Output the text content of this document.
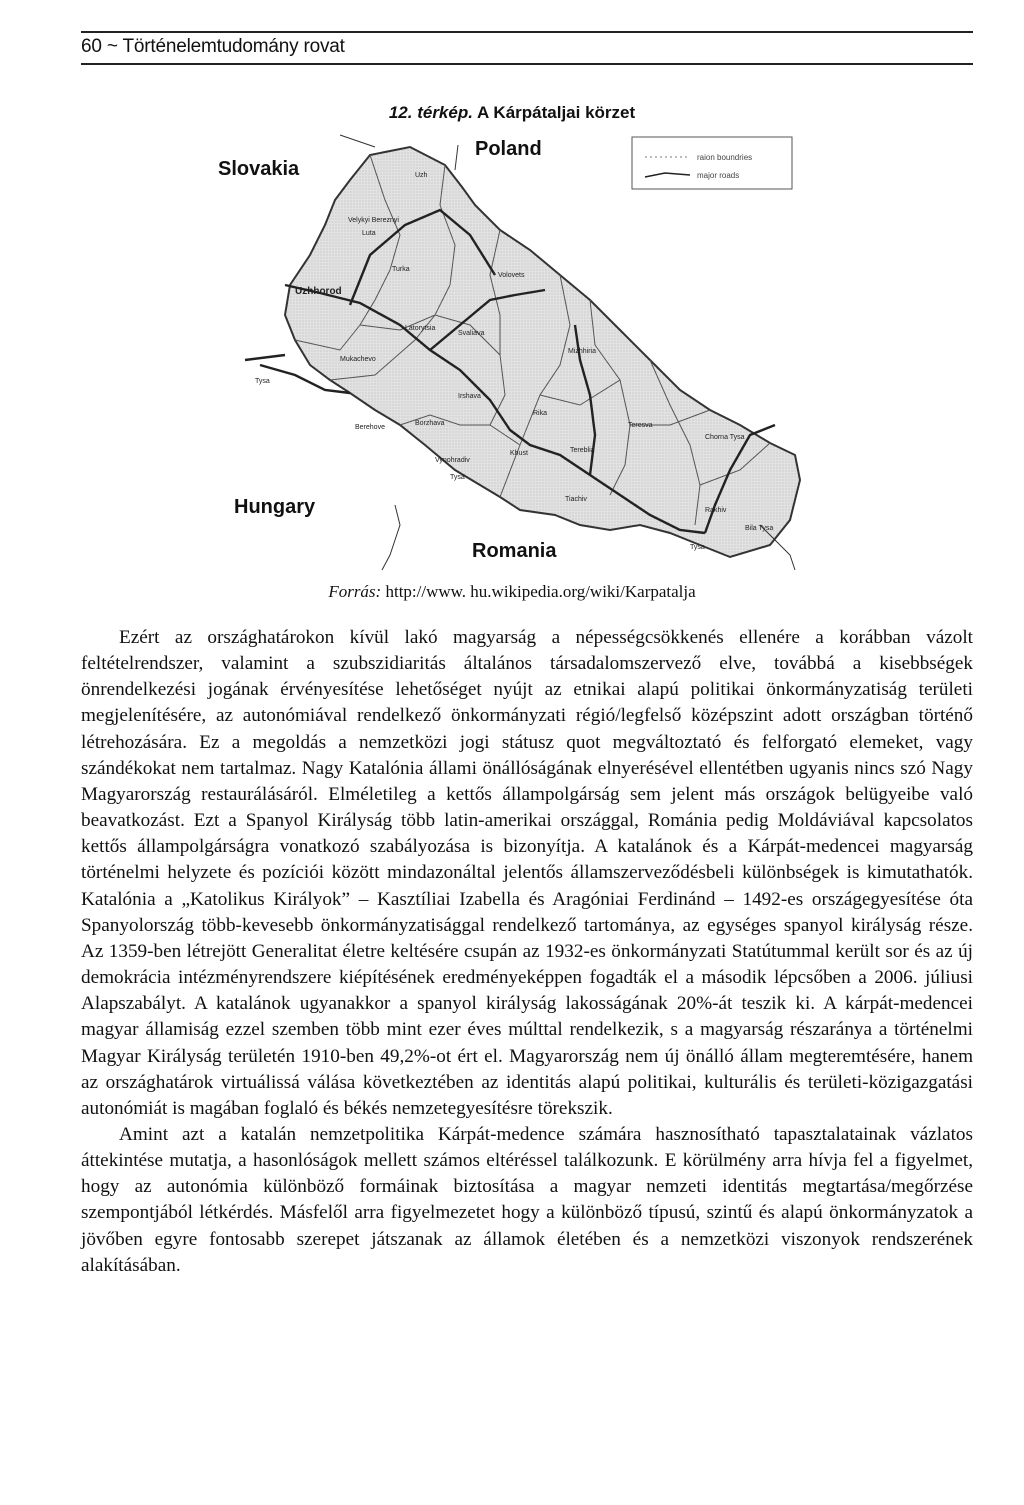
60 ~ Történelemtudomány rovat
12. térkép. A Kárpátaljai körzet
Slovakia
Poland
Hungary
Romania
raion boundries
major roads
Uzh
Velykyi Bereznyi
Luta
Uzhhorod
Turka
Volovets
Svaliava
Latorytsia
Mukachevo
Mizhhiria
Tysa
Irshava
Rika
Berehove
Borzhava	Teresva
Chorna Tysa
Vynohradiv
Khust	Tereblia
Tysa
Tiachiv
Rakhiv
Bila Tysa
Tysa
Forrás: http://www. hu.wikipedia.org/wiki/Karpatalja

Ezért az országhatárokon kívül lakó magyarság a népességcsökkenés ellenére a korábban vázolt feltételrendszer, valamint a szubszidiaritás általános társadalomszervező elve, továbbá a kisebbségek önrendelkezési jogának érvényesítése lehetőséget nyújt az etnikai alapú politikai önkormányzatiság területi megjelenítésére, az autonómiával rendelkező önkormányzati régió/legfelső középszint adott országban történő létrehozására. Ez a megoldás a nemzetközi jogi státusz quot megváltoztató és felforgató elemeket, vagy szándékokat nem tartalmaz. Nagy Katalónia állami önállóságának elnyerésével ellentétben ugyanis nincs szó Nagy Magyarország restaurálásáról. Elméletileg a kettős állampolgárság sem jelent más országok belügyeibe való beavatkozást. Ezt a Spanyol Királyság több latin-amerikai országgal, Románia pedig Moldáviával kapcsolatos kettős állampolgárságra vonatkozó szabályozása is bizonyítja. A katalánok és a Kárpát-medencei magyarság történelmi helyzete és pozíciói között mindazonáltal jelentős államszerveződésbeli különbségek is kimutathatók. Katalónia a „Katolikus Királyok” – Kasztíliai Izabella és Aragóniai Ferdinánd – 1492-es országegyesítése óta Spanyolország több-kevesebb önkormányzatisággal rendelkező tartománya, az egységes spanyol királyság része. Az 1359-ben létrejött Generalitat életre keltésére csupán az 1932-es önkormányzati Statútummal került sor és az új demokrácia intézményrendszere kiépítésének eredményeképpen fogadták el a második lépcsőben a 2006. júliusi Alapszabályt. A katalánok ugyanakkor a spanyol királyság lakosságának 20%-át teszik ki. A kárpát-medencei magyar államiság ezzel szemben több mint ezer éves múlttal rendelkezik, s a magyarság részaránya a történelmi Magyar Királyság területén 1910-ben 49,2%-ot ért el. Magyarország nem új önálló állam megteremtésére, hanem az országhatárok virtuálissá válása következtében az identitás alapú politikai, kulturális és területi-közigazgatási autonómiát is magában foglaló és békés nemzetegyesítésre törekszik.

Amint azt a katalán nemzetpolitika Kárpát-medence számára hasznosítható tapasztalatainak vázlatos áttekintése mutatja, a hasonlóságok mellett számos eltéréssel találkozunk. E körülmény arra hívja fel a figyelmet, hogy az autonómia különböző formáinak biztosítása a magyar nemzeti identitás megtartása/megőrzése szempontjából létkérdés. Másfelől arra figyelmezetet hogy a különböző típusú, szintű és alapú önkormányzatok a jövőben egyre fontosabb szerepet játszanak az államok életében és a nemzetközi viszonyok rendszerének alakításában.
